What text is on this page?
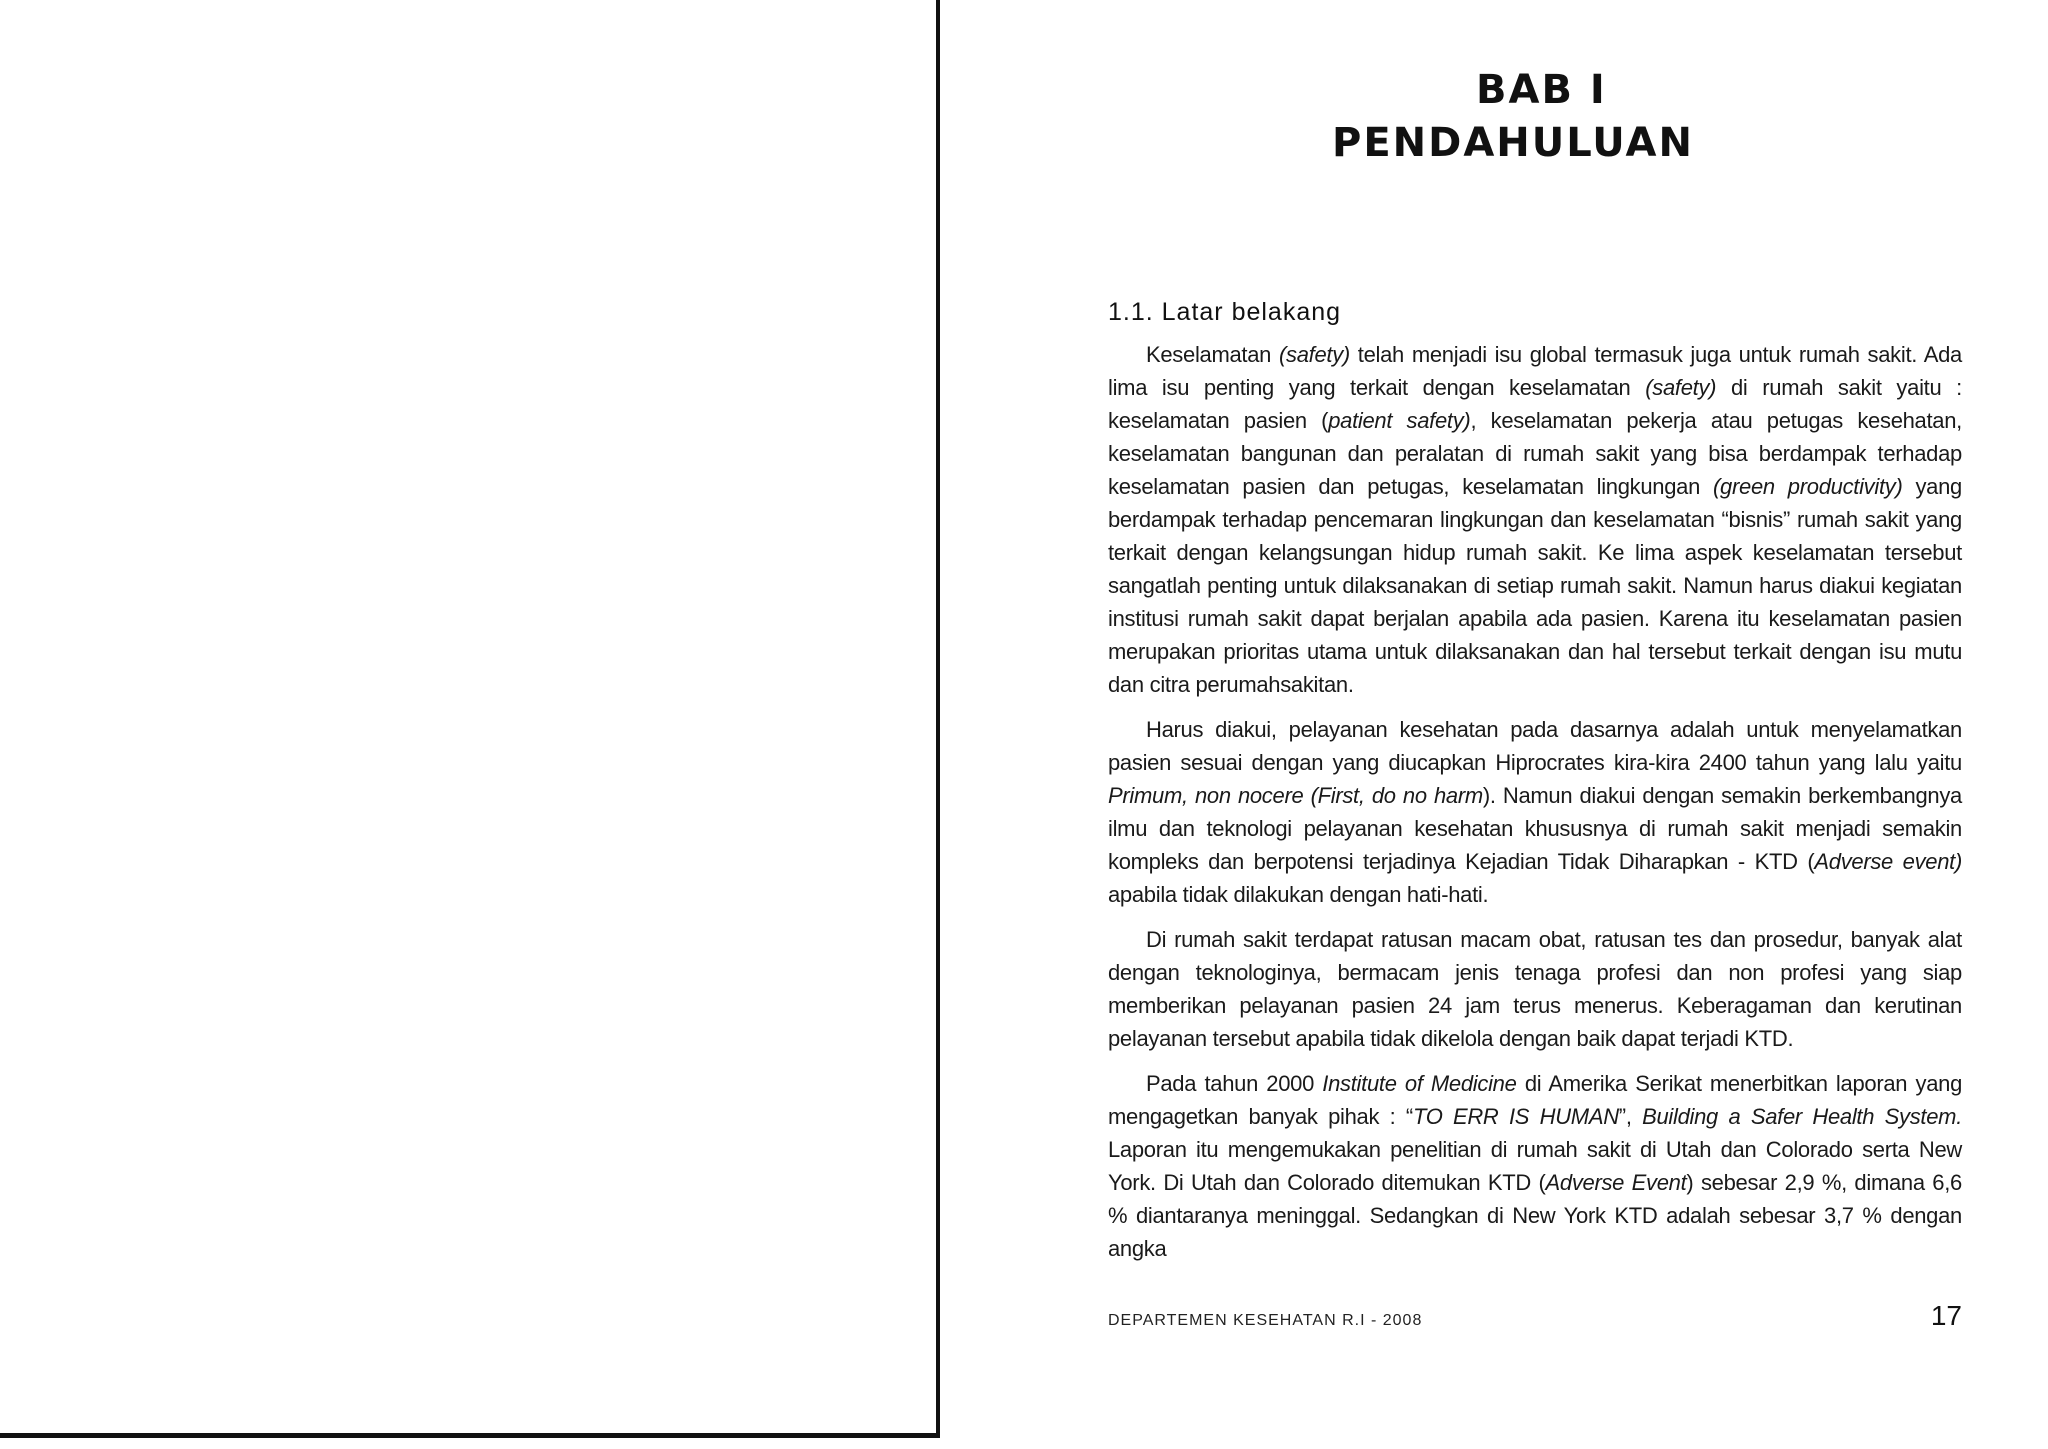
BAB I
PENDAHULUAN
1.1. Latar belakang

Keselamatan (safety) telah menjadi isu global termasuk juga untuk rumah sakit. Ada lima isu penting yang terkait dengan keselamatan (safety) di rumah sakit yaitu : keselamatan pasien (patient safety), keselamatan pekerja atau petugas kesehatan, keselamatan bangunan dan peralatan di rumah sakit yang bisa berdampak terhadap keselamatan pasien dan petugas, keselamatan lingkungan (green productivity) yang berdampak terhadap pencemaran lingkungan dan keselamatan “bisnis” rumah sakit yang terkait dengan kelangsungan hidup rumah sakit. Ke lima aspek keselamatan tersebut sangatlah penting untuk dilaksanakan di setiap rumah sakit. Namun harus diakui kegiatan institusi rumah sakit dapat berjalan apabila ada pasien. Karena itu keselamatan pasien merupakan prioritas utama untuk dilaksanakan dan hal tersebut terkait dengan isu mutu dan citra perumahsakitan.

Harus diakui, pelayanan kesehatan pada dasarnya adalah untuk menyelamatkan pasien sesuai dengan yang diucapkan Hiprocrates kira-kira 2400 tahun yang lalu yaitu Primum, non nocere (First, do no harm). Namun diakui dengan semakin berkembangnya ilmu dan teknologi pelayanan kesehatan khususnya di rumah sakit menjadi semakin kompleks dan berpotensi terjadinya Kejadian Tidak Diharapkan - KTD (Adverse event) apabila tidak dilakukan dengan hati-hati.

Di rumah sakit terdapat ratusan macam obat, ratusan tes dan prosedur, banyak alat dengan teknologinya, bermacam jenis tenaga profesi dan non profesi yang siap memberikan pelayanan pasien 24 jam terus menerus. Keberagaman dan kerutinan pelayanan tersebut apabila tidak dikelola dengan baik dapat terjadi KTD.

Pada tahun 2000 Institute of Medicine di Amerika Serikat menerbitkan laporan yang mengagetkan banyak pihak : “TO ERR IS HUMAN”, Building a Safer Health System. Laporan itu mengemukakan penelitian di rumah sakit di Utah dan Colorado serta New York. Di Utah dan Colorado ditemukan KTD (Adverse Event) sebesar 2,9 %, dimana 6,6 % diantaranya meninggal. Sedangkan di New York KTD adalah sebesar 3,7 % dengan angka

DEPARTEMEN KESEHATAN R.I - 2008	17
